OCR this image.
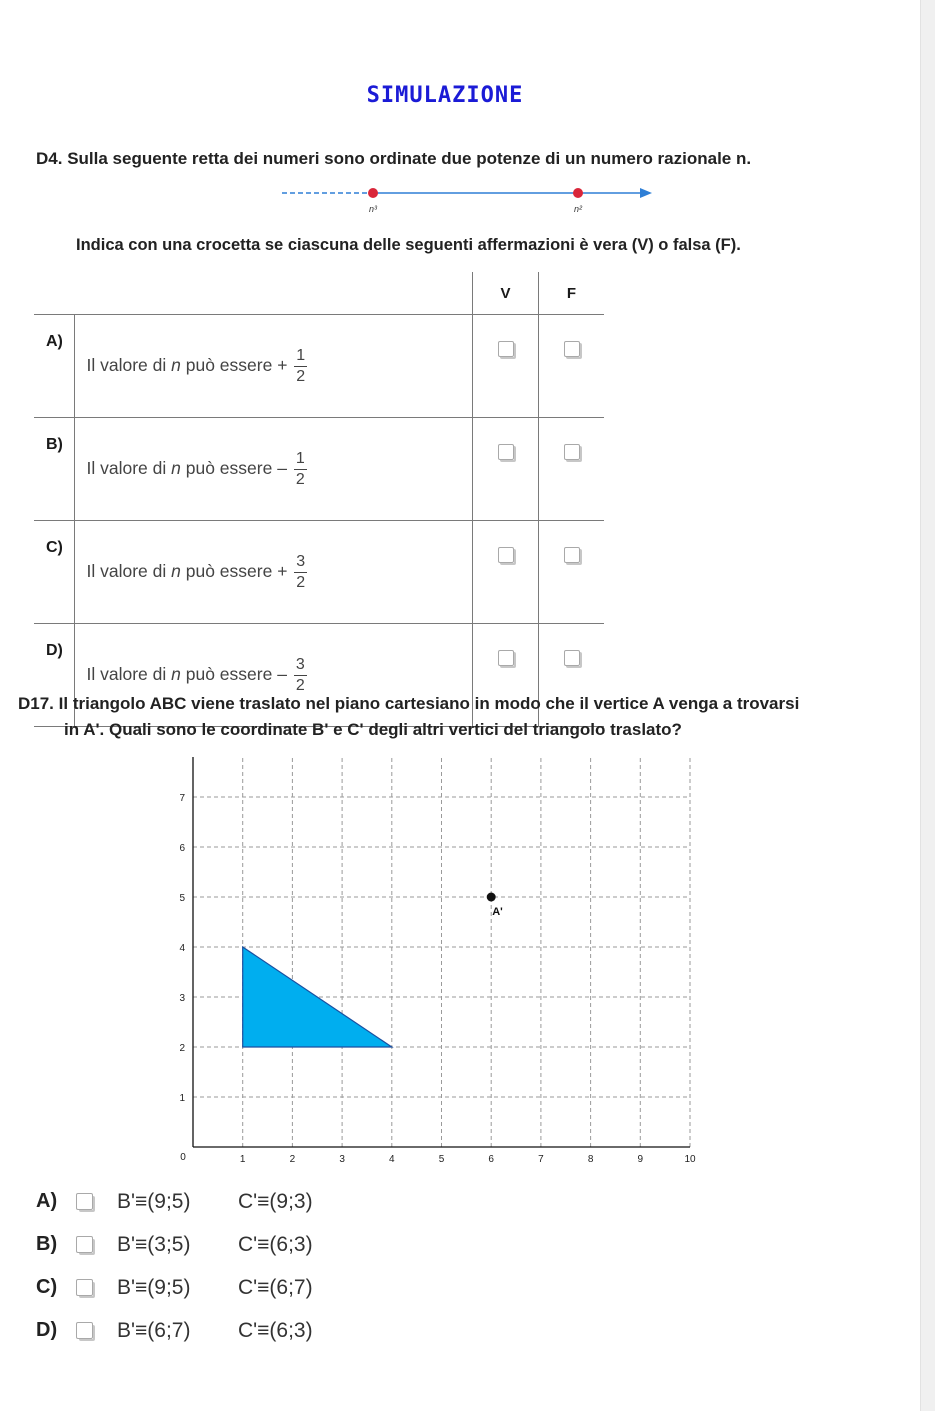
SIMULAZIONE
D4. Sulla seguente retta dei numeri sono ordinate due potenze di un numero razionale n.
n³	n²
Indica con una crocetta se ciascuna delle seguenti affermazioni è vera (V) o falsa (F).
		V	F
A)	Il valore di n può essere + $\frac{1}{2}$

B)	Il valore di n può essere – $\frac{1}{2}$

C)	Il valore di n può essere + $\frac{3}{2}$

D)	Il valore di n può essere – $\frac{3}{2}$

D17. Il triangolo ABC viene traslato nel piano cartesiano in modo che il vertice A venga a trovarsi
in A'. Quali sono le coordinate B' e C' degli altri vertici del triangolo traslato?
1	2	3	4	5	6	7	8	9	10
1
2
3
4
5
6
7
0
A'
A)	B'≡(9;5)	C'≡(9;3)
B)	B'≡(3;5)	C'≡(6;3)
C)	B'≡(9;5)	C'≡(6;7)
D)	B'≡(6;7)	C'≡(6;3)
